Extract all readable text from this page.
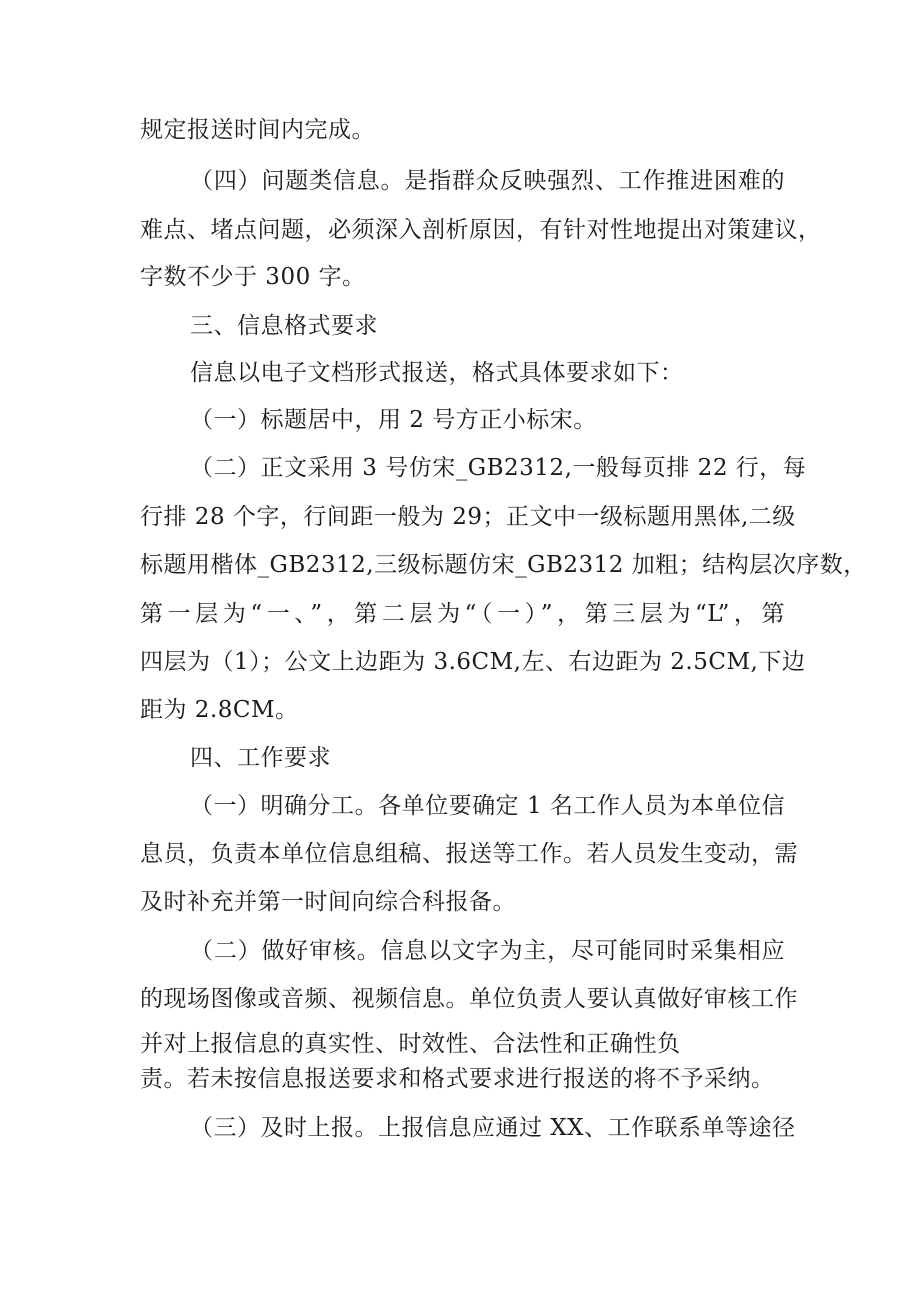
规定报送时间内完成。
（四）问题类信息。是指群众反映强烈、工作推进困难的
难点、堵点问题，必须深入剖析原因，有针对性地提出对策建议，
字数不少于 300 字。
三、信息格式要求
信息以电子文档形式报送，格式具体要求如下：
（一）标题居中，用 2 号方正小标宋。
（二）正文采用 3 号仿宋_GB2312,一般每页排 22 行，每
行排 28 个字，行间距一般为 29；正文中一级标题用黑体,二级
标题用楷体_GB2312,三级标题仿宋_GB2312 加粗；结构层次序数，
第一层为“一、”，第二层为“（一）”，第三层为“L”，第
四层为（1）；公文上边距为 3.6CM,左、右边距为 2.5CM,下边
距为 2.8CM。
四、工作要求
（一）明确分工。各单位要确定 1 名工作人员为本单位信
息员，负责本单位信息组稿、报送等工作。若人员发生变动，需
及时补充并第一时间向综合科报备。
（二）做好审核。信息以文字为主，尽可能同时采集相应
的现场图像或音频、视频信息。单位负责人要认真做好审核工作
并对上报信息的真实性、时效性、合法性和正确性负
责。若未按信息报送要求和格式要求进行报送的将不予采纳。
（三）及时上报。上报信息应通过 XX、工作联系单等途径
